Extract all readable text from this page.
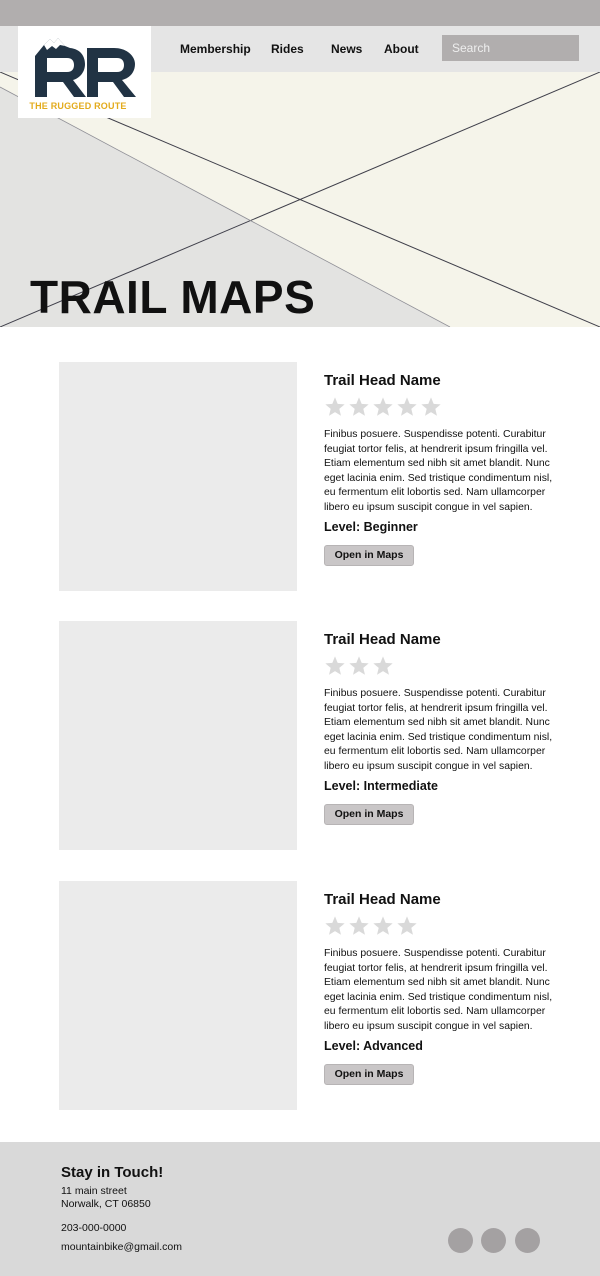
THE RUGGED ROUTE
Membership Rides News About
Search
TRAIL MAPS
Trail Head Name

Finibus posuere. Suspendisse potenti. Curabitur feugiat tortor felis, at hendrerit ipsum fringilla vel. Etiam elementum sed nibh sit amet blandit. Nunc eget lacinia enim. Sed tristique condimentum nisl, eu fermentum elit lobortis sed. Nam ullamcorper libero eu ipsum suscipit congue in vel sapien.

Level: Beginner
Open in Maps
Trail Head Name

Finibus posuere. Suspendisse potenti. Curabitur feugiat tortor felis, at hendrerit ipsum fringilla vel. Etiam elementum sed nibh sit amet blandit. Nunc eget lacinia enim. Sed tristique condimentum nisl, eu fermentum elit lobortis sed. Nam ullamcorper libero eu ipsum suscipit congue in vel sapien.

Level: Intermediate
Open in Maps
Trail Head Name

Finibus posuere. Suspendisse potenti. Curabitur feugiat tortor felis, at hendrerit ipsum fringilla vel. Etiam elementum sed nibh sit amet blandit. Nunc eget lacinia enim. Sed tristique condimentum nisl, eu fermentum elit lobortis sed. Nam ullamcorper libero eu ipsum suscipit congue in vel sapien.

Level: Advanced
Open in Maps
Stay in Touch!
11 main street
Norwalk, CT 06850
203-000-0000
mountainbike@gmail.com
